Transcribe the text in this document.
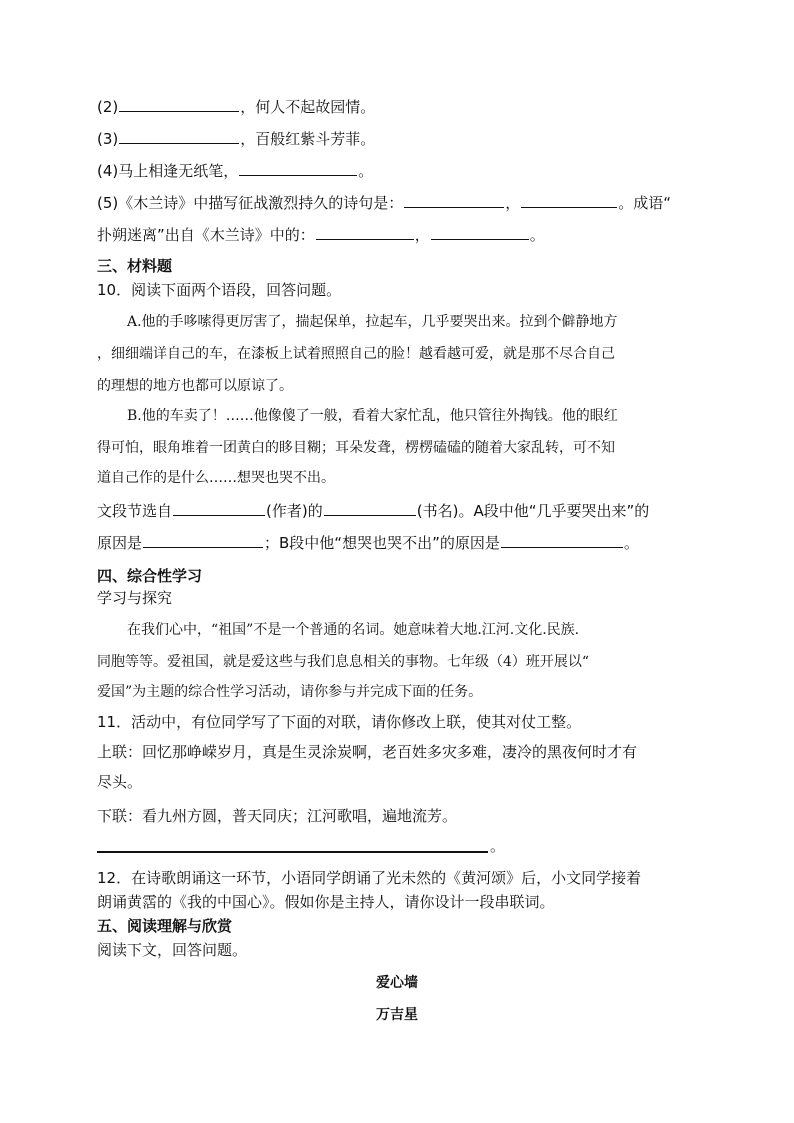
(2)	，何人不起故园情。
(3)	，百般红紫斗芳菲。
(4)马上相逢无纸笔，	。
(5)《木兰诗》中描写征战激烈持久的诗句是：	，	。成语“
扑朔迷离”出自《木兰诗》中的：	，	。
三、材料题
10．阅读下面两个语段，回答问题。
A.他的手哆嗦得更厉害了，揣起保单，拉起车，几乎要哭出来。拉到个僻静地方
，细细端详自己的车，在漆板上试着照照自己的脸！越看越可爱，就是那不尽合自己
的理想的地方也都可以原谅了。
B.他的车卖了！……他像傻了一般，看着大家忙乱，他只管往外掏钱。他的眼红
得可怕，眼角堆着一团黄白的眵目糊；耳朵发聋，楞楞磕磕的随着大家乱转，可不知
道自己作的是什么……想哭也哭不出。
文段节选自	(作者)的	(书名)。A段中他“几乎要哭出来”的
原因是	；B段中他“想哭也哭不出”的原因是	。
四、综合性学习
学习与探究
在我们心中，“祖国”不是一个普通的名词。她意味着大地.江河.文化.民族.
同胞等等。爱祖国，就是爱这些与我们息息相关的事物。七年级（4）班开展以“
爱国”为主题的综合性学习活动，请你参与并完成下面的任务。
11．活动中，有位同学写了下面的对联，请你修改上联，使其对仗工整。
上联：回忆那峥嵘岁月，真是生灵涂炭啊，老百姓多灾多难，凄冷的黑夜何时才有
尽头。
下联：看九州方圆，普天同庆；江河歌唱，遍地流芳。
。
12．在诗歌朗诵这一环节，小语同学朗诵了光未然的《黄河颂》后，小文同学接着
朗诵黄霑的《我的中国心》。假如你是主持人，请你设计一段串联词。
五、阅读理解与欣赏
阅读下文，回答问题。
爱心墙
万吉星
